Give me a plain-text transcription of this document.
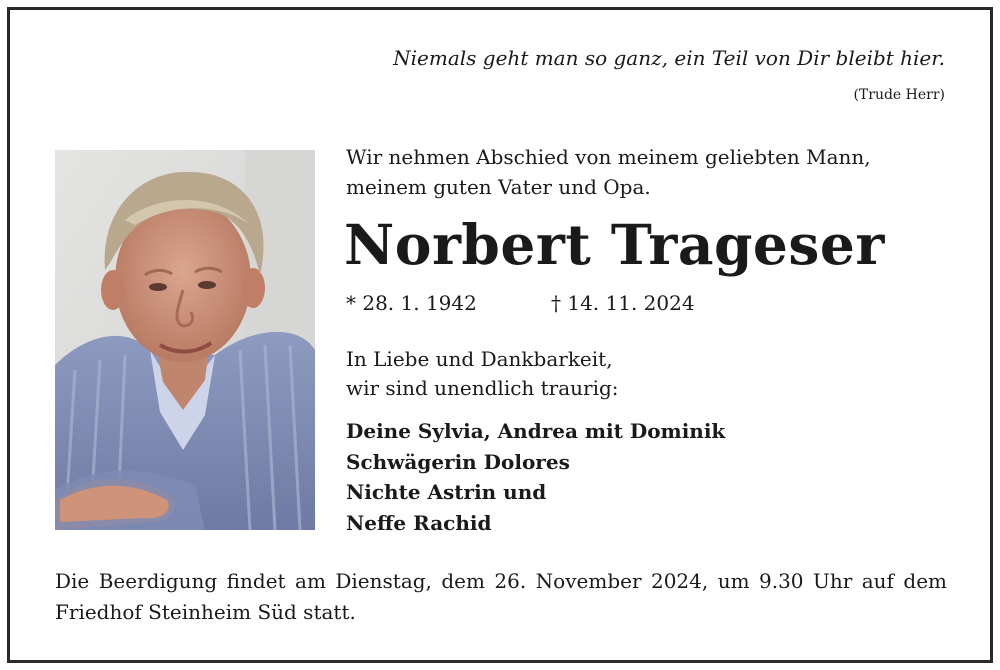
Niemals geht man so ganz, ein Teil von Dir bleibt hier.
(Trude Herr)
Wir nehmen Abschied von meinem geliebten Mann,
meinem guten Vater und Opa.
Norbert Trageser
* 28. 1. 1942	† 14. 11. 2024
In Liebe und Dankbarkeit,
wir sind unendlich traurig:
Deine Sylvia, Andrea mit Dominik
Schwägerin Dolores
Nichte Astrin und
Neffe Rachid
Die Beerdigung findet am Dienstag, dem 26. November 2024, um 9.30 Uhr auf dem Friedhof Steinheim Süd statt.
